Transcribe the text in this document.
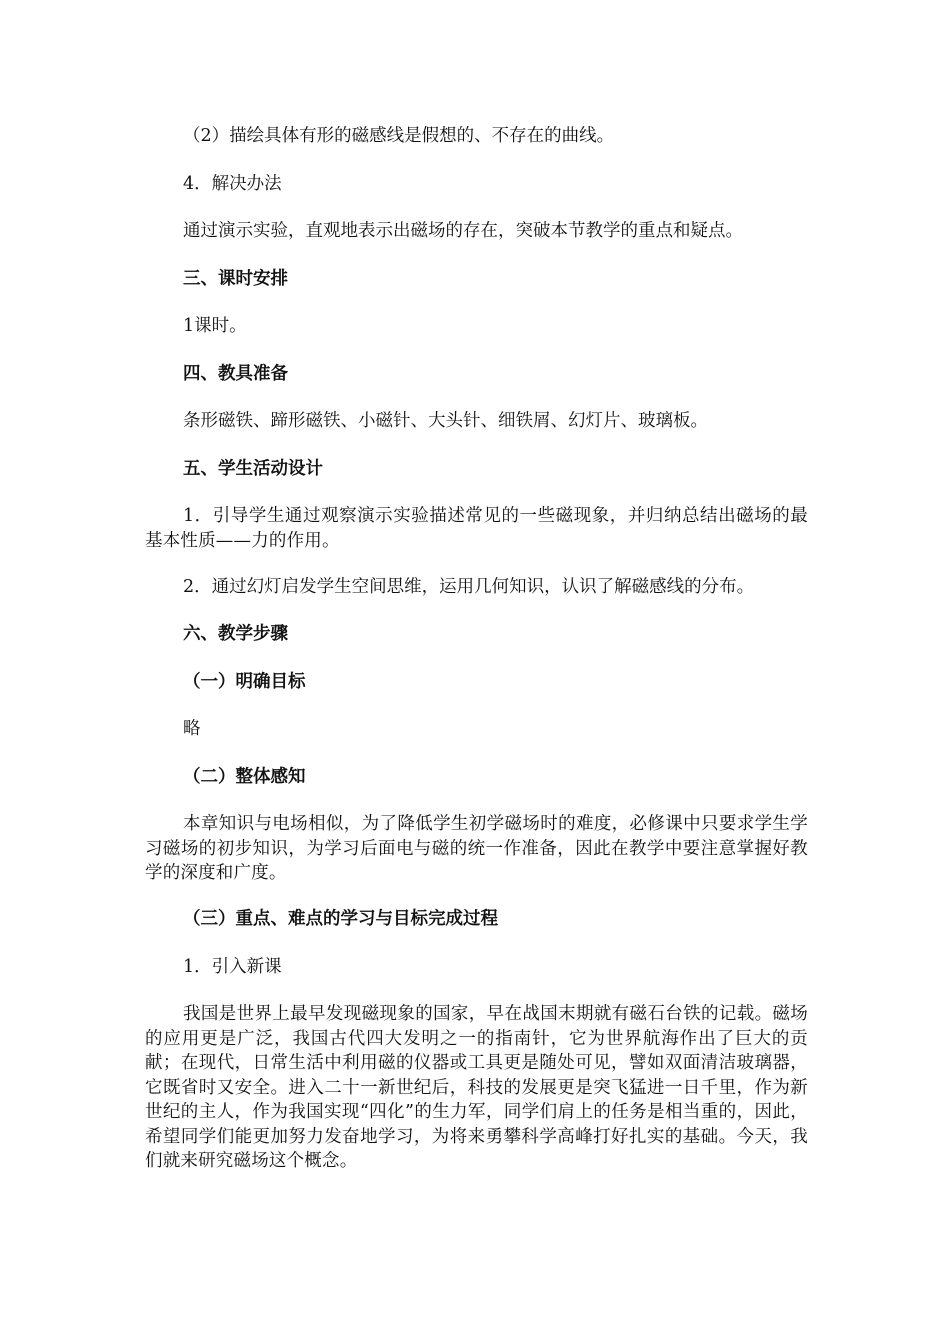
（2）描绘具体有形的磁感线是假想的、不存在的曲线。
4．解决办法
通过演示实验，直观地表示出磁场的存在，突破本节教学的重点和疑点。
三、课时安排
1课时。
四、教具准备
条形磁铁、蹄形磁铁、小磁针、大头针、细铁屑、幻灯片、玻璃板。
五、学生活动设计
1．引导学生通过观察演示实验描述常见的一些磁现象，并归纳总结出磁场的最基本性质——力的作用。
2．通过幻灯启发学生空间思维，运用几何知识，认识了解磁感线的分布。
六、教学步骤
（一）明确目标
略
（二）整体感知
本章知识与电场相似，为了降低学生初学磁场时的难度，必修课中只要求学生学习磁场的初步知识，为学习后面电与磁的统一作准备，因此在教学中要注意掌握好教学的深度和广度。
（三）重点、难点的学习与目标完成过程
1．引入新课
我国是世界上最早发现磁现象的国家，早在战国末期就有磁石台铁的记载。磁场的应用更是广泛，我国古代四大发明之一的指南针，它为世界航海作出了巨大的贡献；在现代，日常生活中利用磁的仪器或工具更是随处可见，譬如双面清洁玻璃器，它既省时又安全。进入二十一新世纪后，科技的发展更是突飞猛进一日千里，作为新世纪的主人，作为我国实现“四化”的生力军，同学们肩上的任务是相当重的，因此，希望同学们能更加努力发奋地学习，为将来勇攀科学高峰打好扎实的基础。今天，我们就来研究磁场这个概念。
